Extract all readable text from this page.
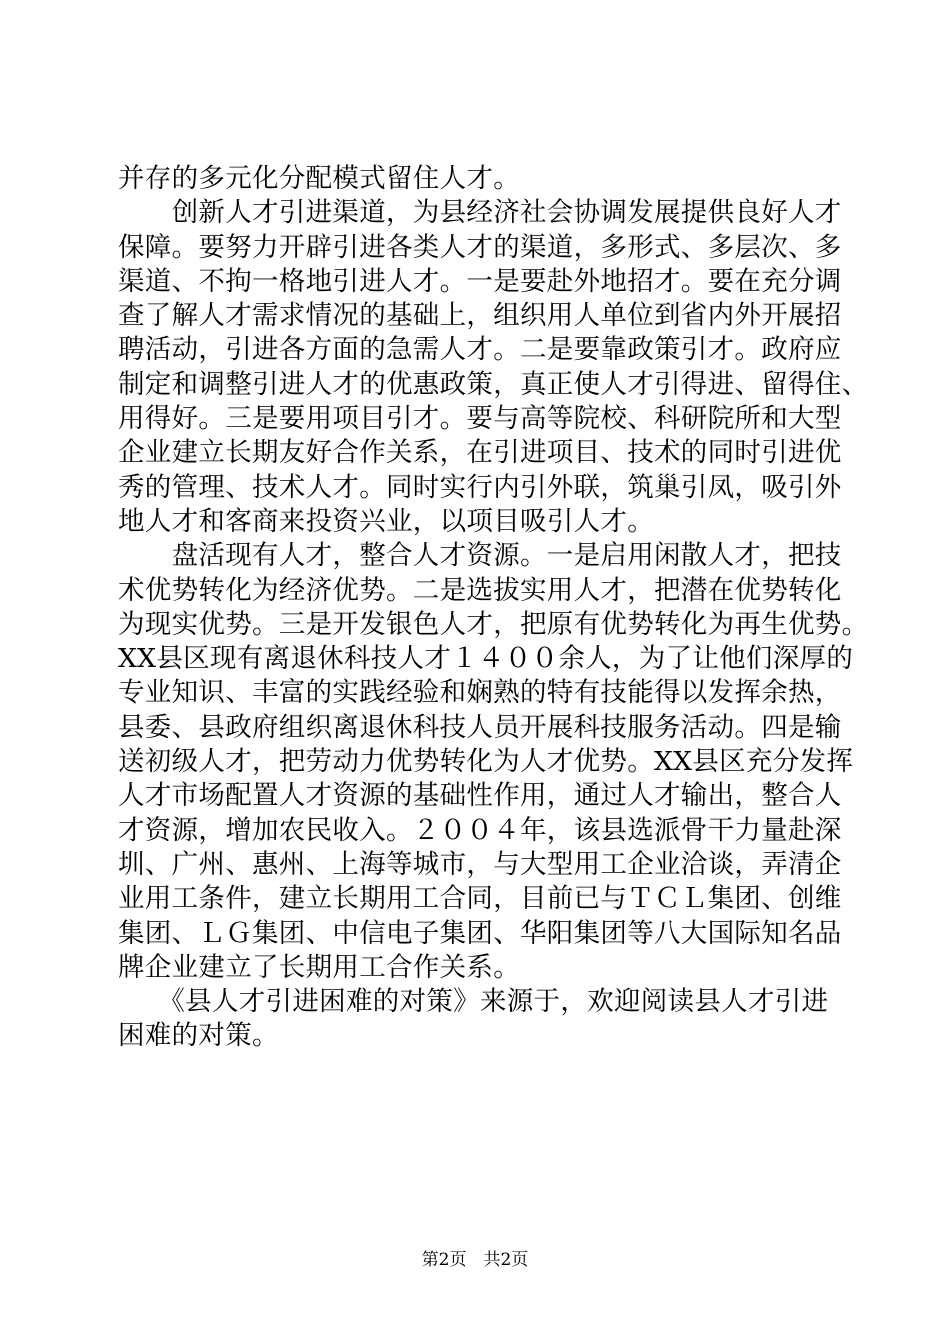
并存的多元化分配模式留住人才。
　　创新人才引进渠道，为县经济社会协调发展提供良好人才
保障。要努力开辟引进各类人才的渠道，多形式、多层次、多
渠道、不拘一格地引进人才。一是要赴外地招才。要在充分调
查了解人才需求情况的基础上，组织用人单位到省内外开展招
聘活动，引进各方面的急需人才。二是要靠政策引才。政府应
制定和调整引进人才的优惠政策，真正使人才引得进、留得住、
用得好。三是要用项目引才。要与高等院校、科研院所和大型
企业建立长期友好合作关系，在引进项目、技术的同时引进优
秀的管理、技术人才。同时实行内引外联，筑巢引凤，吸引外
地人才和客商来投资兴业，以项目吸引人才。
　　盘活现有人才，整合人才资源。一是启用闲散人才，把技
术优势转化为经济优势。二是选拔实用人才，把潜在优势转化
为现实优势。三是开发银色人才，把原有优势转化为再生优势。
XX县区现有离退休科技人才１４００余人，为了让他们深厚的
专业知识、丰富的实践经验和娴熟的特有技能得以发挥余热，
县委、县政府组织离退休科技人员开展科技服务活动。四是输
送初级人才，把劳动力优势转化为人才优势。XX县区充分发挥
人才市场配置人才资源的基础性作用，通过人才输出，整合人
才资源，增加农民收入。２００４年，该县选派骨干力量赴深
圳、广州、惠州、上海等城市，与大型用工企业洽谈，弄清企
业用工条件，建立长期用工合同，目前已与ＴＣＬ集团、创维
集团、ＬＧ集团、中信电子集团、华阳集团等八大国际知名品
牌企业建立了长期用工合作关系。
　　《县人才引进困难的对策》来源于，欢迎阅读县人才引进
困难的对策。
第2页　共2页
